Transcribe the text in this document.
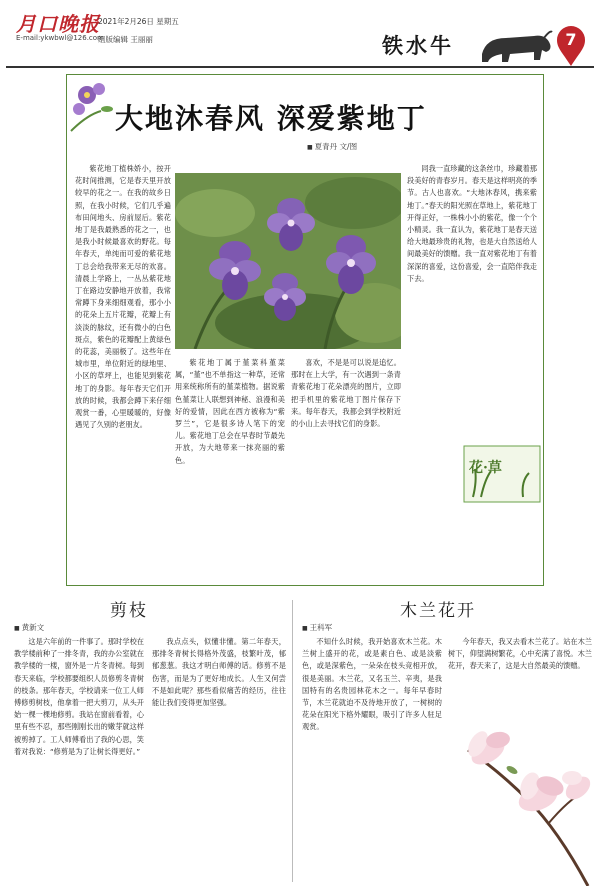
月口晚报
E-mail:ykwbwl@126.com
2021年2月26日 星期五
组版编辑 王丽丽	铁水牛	7
大地沐春风 深爱紫地丁
■ 夏青丹 文/图

紫花地丁植株娇小，按开花时间推测，它是春天里开放较早的花之一。在我的故乡日照，在我小时候，它们几乎遍布田间地头、房前屋后。紫花地丁是我最熟悉的花之一，也是我小时候最喜欢的野花。每年春天，单纯而可爱的紫花地丁总会给我带来无尽的欢喜。清晨上学路上，一丛丛紫花地丁在路边安静地开放着，我常常蹲下身来细细观看，那小小的花朵上五片花瓣，花瓣上有淡淡的脉纹，还有微小的白色斑点，紫色的花瓣配上黄绿色的花蕊，美丽极了。这些年在城市里，单位附近的绿地里、小区的草坪上，也能见到紫花地丁的身影。每年春天它们开放的时候，我都会蹲下来仔细观赏一番，心里暖暖的，好像遇见了久别的老朋友。

紫花地丁属于堇菜科堇菜属，“堇”也不单指这一种草，还常用来统称所有的堇菜植物。据说紫色堇菜让人联想到神秘、浪漫和美好的爱情，因此在西方被称为“紫罗兰”，它是很多诗人笔下的宠儿。紫花地丁总会在早春时节最先开放，为大地带来一抹亮丽的紫色。

喜欢，不是是可以说是追忆。那时在上大学，有一次遇到一条青青紫花地丁花朵漂亮的图片，立即把手机里的紫花地丁图片保存下来。每年春天，我都会到学校附近的小山上去寻找它们的身影。

同我一直珍藏的这条丝巾，珍藏着那段美好的青春岁月。春天是这样明亮的季节。古人也喜欢。“大地沐春风，携来紫地丁。”春天的阳光照在草地上，紫花地丁开得正好，一株株小小的紫花，像一个个小精灵。我一直认为，紫花地丁是春天送给大地最珍贵的礼物，也是大自然送给人间最美好的馈赠。我一直对紫花地丁有着深深的喜爱，这份喜爱，会一直陪伴我走下去。

花·草
剪枝
■ 黄新文

这是六年前的一件事了。那时学校在教学楼前种了一排冬青，我的办公室就在教学楼的一楼，窗外是一片冬青树。每到春天来临，学校都要组织人员修剪冬青树的枝条。那年春天，学校请来一位工人师傅修剪树枝，他拿着一把大剪刀，从头开始一棵一棵地修剪。我站在窗前看着，心里有些不忍，那些刚刚长出的嫩芽就这样被剪掉了。工人师傅看出了我的心思，笑着对我说：“修剪是为了让树长得更好。”

我点点头，似懂非懂。第二年春天，那排冬青树长得格外茂盛，枝繁叶茂，郁郁葱葱。我这才明白师傅的话。修剪不是伤害，而是为了更好地成长。人生又何尝不是如此呢？那些看似痛苦的经历，往往能让我们变得更加坚强。

木兰花开
■ 王科军

不知什么时候，我开始喜欢木兰花。木兰树上盛开的花，或是素白色、或是淡紫色，或是深紫色，一朵朵在枝头竞相开放，很是美丽。木兰花，又名玉兰、辛夷，是我国特有的名贵园林花木之一。每年早春时节，木兰花就迫不及待地开放了，一树树的花朵在阳光下格外耀眼，吸引了许多人驻足观赏。

今年春天，我又去看木兰花了。站在木兰树下，仰望满树繁花，心中充满了喜悦。木兰花开，春天来了，这是大自然最美的馈赠。
